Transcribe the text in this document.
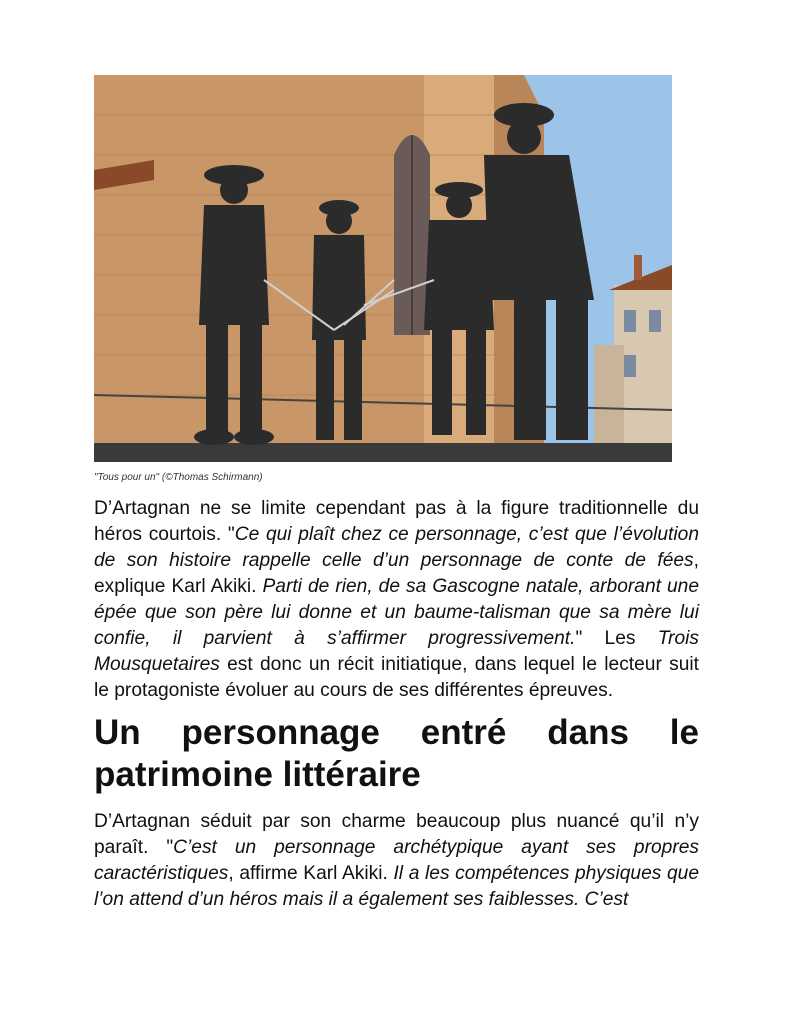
"Tous pour un" (©Thomas Schirmann)

D’Artagnan ne se limite cependant pas à la figure traditionnelle du héros courtois. "Ce qui plaît chez ce personnage, c’est que l’évolution de son histoire rappelle celle d’un personnage de conte de fées, explique Karl Akiki. Parti de rien, de sa Gascogne natale, arborant une épée que son père lui donne et un baume-talisman que sa mère lui confie, il parvient à s’affirmer progressivement." Les Trois Mousquetaires est donc un récit initiatique, dans lequel le lecteur suit le protagoniste évoluer au cours de ses différentes épreuves.

Un personnage entré dans le
patrimoine littéraire

D’Artagnan séduit par son charme beaucoup plus nuancé qu’il n’y paraît. "C’est un personnage archétypique ayant ses propres caractéristiques, affirme Karl Akiki. Il a les compétences physiques que l’on attend d’un héros mais il a également ses faiblesses. C’est
